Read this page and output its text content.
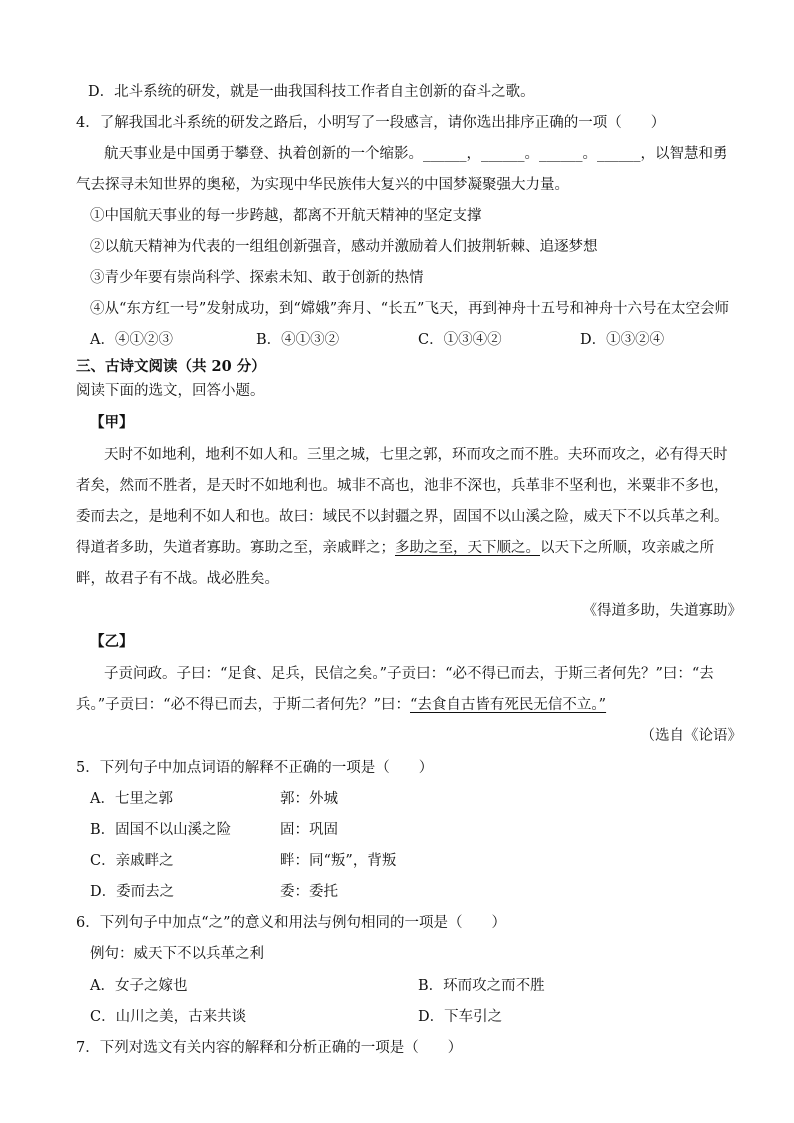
D．北斗系统的研发，就是一曲我国科技工作者自主创新的奋斗之歌。
4．了解我国北斗系统的研发之路后，小明写了一段感言，请你选出排序正确的一项（　　）
航天事业是中国勇于攀登、执着创新的一个缩影。______，______。______。______，以智慧和勇
气去探寻未知世界的奥秘，为实现中华民族伟大复兴的中国梦凝聚强大力量。
①中国航天事业的每一步跨越，都离不开航天精神的坚定支撑
②以航天精神为代表的一组组创新强音，感动并激励着人们披荆斩棘、追逐梦想
③青少年要有崇尚科学、探索未知、敢于创新的热情
④从“东方红一号”发射成功，到“嫦娥”奔月、“长五”飞天，再到神舟十五号和神舟十六号在太空会师
A．④①②③	B．④①③②	C．①③④②	D．①③②④
三、古诗文阅读（共 20 分）
阅读下面的选文，回答小题。
【甲】
天时不如地利，地利不如人和。三里之城，七里之郭，环而攻之而不胜。夫环而攻之，必有得天时
者矣，然而不胜者，是天时不如地利也。城非不高也，池非不深也，兵革非不坚利也，米粟非不多也，
委而去之，是地利不如人和也。故曰：域民不以封疆之界，固国不以山溪之险，威天下不以兵革之利。
得道者多助，失道者寡助。寡助之至，亲戚畔之；多助之至，天下顺之。以天下之所顺，攻亲戚之所
畔，故君子有不战。战必胜矣。
《得道多助，失道寡助》
【乙】
子贡问政。子曰：“足食、足兵，民信之矣。”子贡曰：“必不得已而去，于斯三者何先？”曰：“去
兵。”子贡曰：“必不得已而去，于斯二者何先？”曰：“去食自古皆有死民无信不立。”
（选自《论语》
5．下列句子中加点词语的解释不正确的一项是（　　）
A．七里之郭	郭：外城
B．固国不以山溪之险	固：巩固
C．亲戚畔之	畔：同“叛”，背叛
D．委而去之	委：委托
6．下列句子中加点“之”的意义和用法与例句相同的一项是（　　）
例句：威天下不以兵革之利
A．女子之嫁也	B．环而攻之而不胜
C．山川之美，古来共谈	D．下车引之
7．下列对选文有关内容的解释和分析正确的一项是（　　）
